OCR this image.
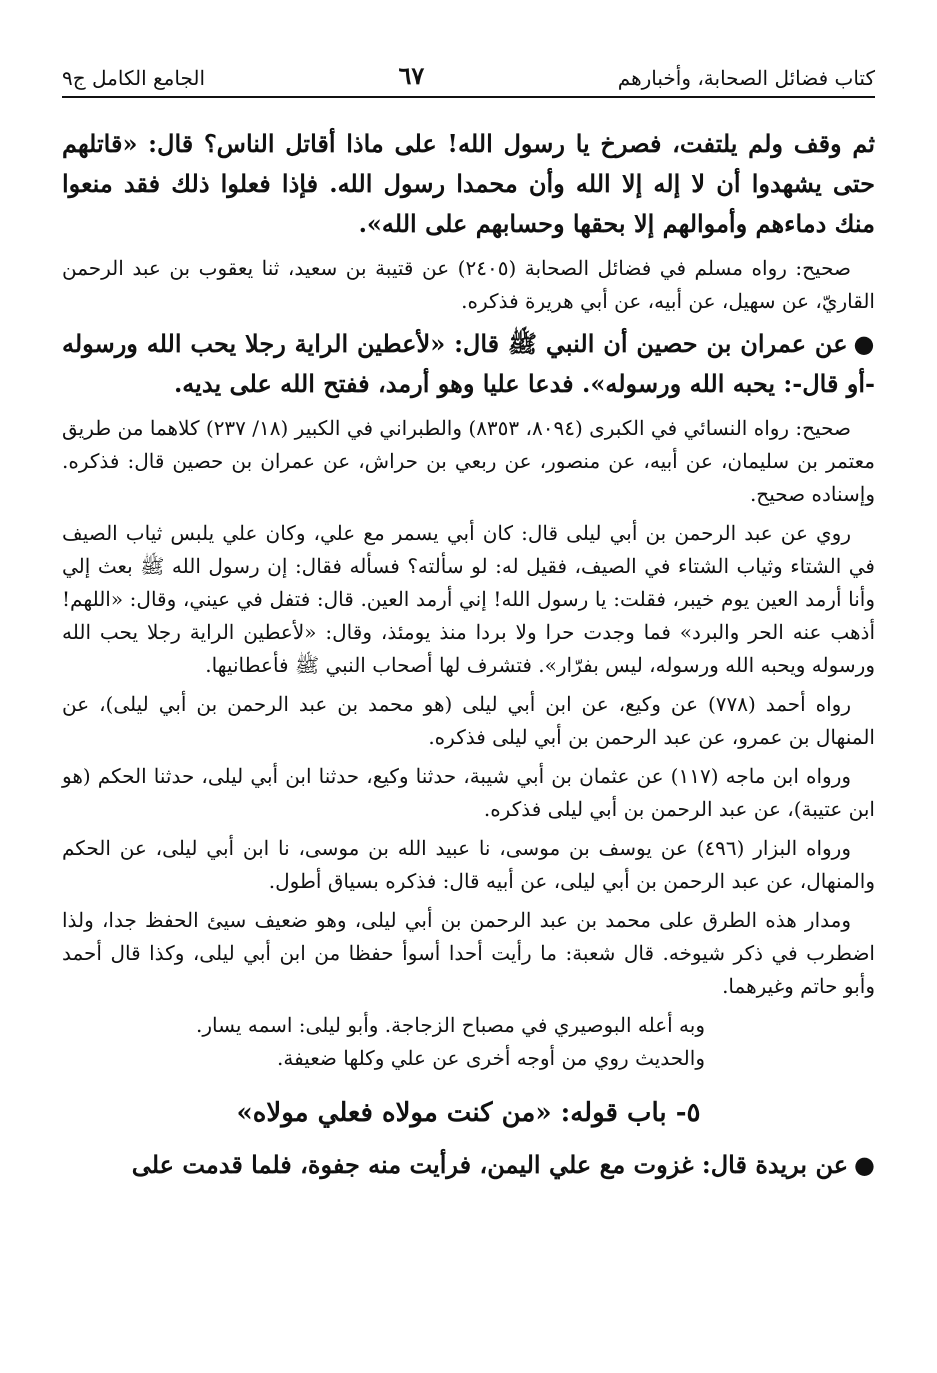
كتاب فضائل الصحابة، وأخبارهم
٦٧
الجامع الكامل ج٩

ثم وقف ولم يلتفت، فصرخ يا رسول الله! على ماذا أقاتل الناس؟ قال: «قاتلهم حتى يشهدوا أن لا إله إلا الله وأن محمدا رسول الله. فإذا فعلوا ذلك فقد منعوا منك دماءهم وأموالهم إلا بحقها وحسابهم على الله».

صحيح: رواه مسلم في فضائل الصحابة (٢٤٠٥) عن قتيبة بن سعيد، ثنا يعقوب بن عبد الرحمن القاريّ، عن سهيل، عن أبيه، عن أبي هريرة فذكره.

●عن عمران بن حصين أن النبي ﷺ قال: «لأعطين الراية رجلا يحب الله ورسوله -أو قال-: يحبه الله ورسوله». فدعا عليا وهو أرمد، ففتح الله على يديه.

صحيح: رواه النسائي في الكبرى (٨٠٩٤، ٨٣٥٣) والطبراني في الكبير (١٨/ ٢٣٧) كلاهما من طريق معتمر بن سليمان، عن أبيه، عن منصور، عن ربعي بن حراش، عن عمران بن حصين قال: فذكره. وإسناده صحيح.

روي عن عبد الرحمن بن أبي ليلى قال: كان أبي يسمر مع علي، وكان علي يلبس ثياب الصيف في الشتاء وثياب الشتاء في الصيف، فقيل له: لو سألته؟ فسأله فقال: إن رسول الله ﷺ بعث إلي وأنا أرمد العين يوم خيبر، فقلت: يا رسول الله! إني أرمد العين. قال: فتفل في عيني، وقال: «اللهم! أذهب عنه الحر والبرد» فما وجدت حرا ولا بردا منذ يومئذ، وقال: «لأعطين الراية رجلا يحب الله ورسوله ويحبه الله ورسوله، ليس بفرّار». فتشرف لها أصحاب النبي ﷺ فأعطانيها.

رواه أحمد (٧٧٨) عن وكيع، عن ابن أبي ليلى (هو محمد بن عبد الرحمن بن أبي ليلى)، عن المنهال بن عمرو، عن عبد الرحمن بن أبي ليلى فذكره.

ورواه ابن ماجه (١١٧) عن عثمان بن أبي شيبة، حدثنا وكيع، حدثنا ابن أبي ليلى، حدثنا الحكم (هو ابن عتيبة)، عن عبد الرحمن بن أبي ليلى فذكره.

ورواه البزار (٤٩٦) عن يوسف بن موسى، نا عبيد الله بن موسى، نا ابن أبي ليلى، عن الحكم والمنهال، عن عبد الرحمن بن أبي ليلى، عن أبيه قال: فذكره بسياق أطول.

ومدار هذه الطرق على محمد بن عبد الرحمن بن أبي ليلى، وهو ضعيف سيئ الحفظ جدا، ولذا اضطرب في ذكر شيوخه. قال شعبة: ما رأيت أحدا أسوأ حفظا من ابن أبي ليلى، وكذا قال أحمد وأبو حاتم وغيرهما.

وبه أعله البوصيري في مصباح الزجاجة. وأبو ليلى: اسمه يسار.

والحديث روي من أوجه أخرى عن علي وكلها ضعيفة.

٥- باب قوله: «من كنت مولاه فعلي مولاه»

●عن بريدة قال: غزوت مع علي اليمن، فرأيت منه جفوة، فلما قدمت على
